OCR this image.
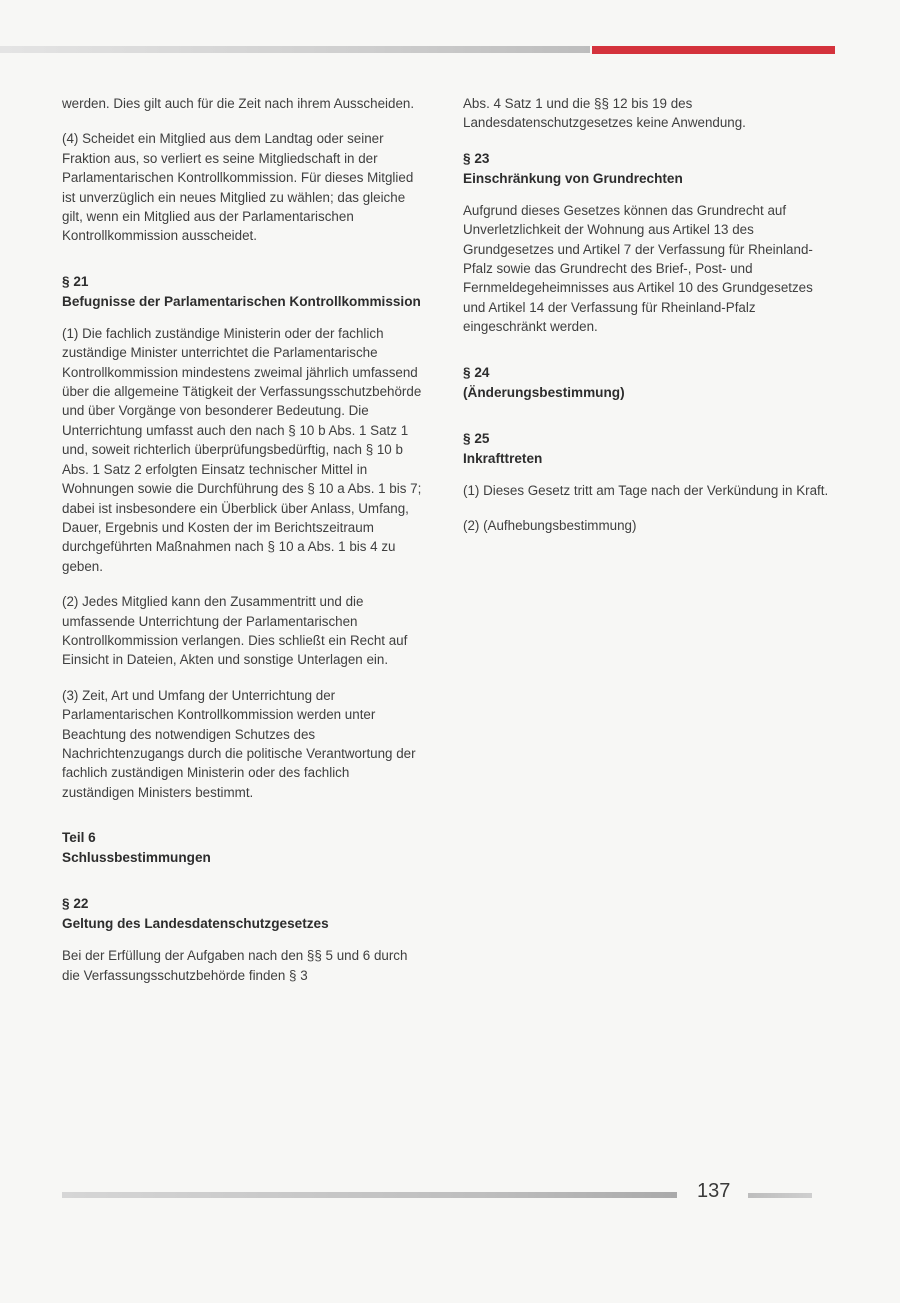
werden. Dies gilt auch für die Zeit nach ihrem Ausscheiden.

(4) Scheidet ein Mitglied aus dem Landtag oder seiner Fraktion aus, so verliert es seine Mitgliedschaft in der Parlamentarischen Kontrollkommission. Für dieses Mitglied ist unverzüglich ein neues Mitglied zu wählen; das gleiche gilt, wenn ein Mitglied aus der Parlamentarischen Kontrollkommission ausscheidet.

§ 21
Befugnisse der Parlamentarischen Kontrollkommission

(1) Die fachlich zuständige Ministerin oder der fachlich zuständige Minister unterrichtet die Parlamentarische Kontrollkommission mindestens zweimal jährlich umfassend über die allgemeine Tätigkeit der Verfassungsschutzbehörde und über Vorgänge von besonderer Bedeutung. Die Unterrichtung umfasst auch den nach § 10 b Abs. 1 Satz 1 und, soweit richterlich überprüfungsbedürftig, nach § 10 b Abs. 1 Satz 2 erfolgten Einsatz technischer Mittel in Wohnungen sowie die Durchführung des § 10 a Abs. 1 bis 7; dabei ist insbesondere ein Überblick über Anlass, Umfang, Dauer, Ergebnis und Kosten der im Berichtszeitraum durchgeführten Maßnahmen nach § 10 a Abs. 1 bis 4 zu geben.

(2) Jedes Mitglied kann den Zusammentritt und die umfassende Unterrichtung der Parlamentarischen Kontrollkommission verlangen. Dies schließt ein Recht auf Einsicht in Dateien, Akten und sonstige Unterlagen ein.

(3) Zeit, Art und Umfang der Unterrichtung der Parlamentarischen Kontrollkommission werden unter Beachtung des notwendigen Schutzes des Nachrichtenzugangs durch die politische Verantwortung der fachlich zuständigen Ministerin oder des fachlich zuständigen Ministers bestimmt.

Teil 6
Schlussbestimmungen
§ 22
Geltung des Landesdatenschutzgesetzes

Bei der Erfüllung der Aufgaben nach den §§ 5 und 6 durch die Verfassungsschutzbehörde finden § 3

Abs. 4 Satz 1 und die §§ 12 bis 19 des Landesdatenschutzgesetzes keine Anwendung.

§ 23
Einschränkung von Grundrechten

Aufgrund dieses Gesetzes können das Grundrecht auf Unverletzlichkeit der Wohnung aus Artikel 13 des Grundgesetzes und Artikel 7 der Verfassung für Rheinland-Pfalz sowie das Grundrecht des Brief-, Post- und Fernmeldegeheimnisses aus Artikel 10 des Grundgesetzes und Artikel 14 der Verfassung für Rheinland-Pfalz eingeschränkt werden.

§ 24
(Änderungsbestimmung)
§ 25
Inkrafttreten

(1) Dieses Gesetz tritt am Tage nach der Verkündung in Kraft.

(2) (Aufhebungsbestimmung)

137
